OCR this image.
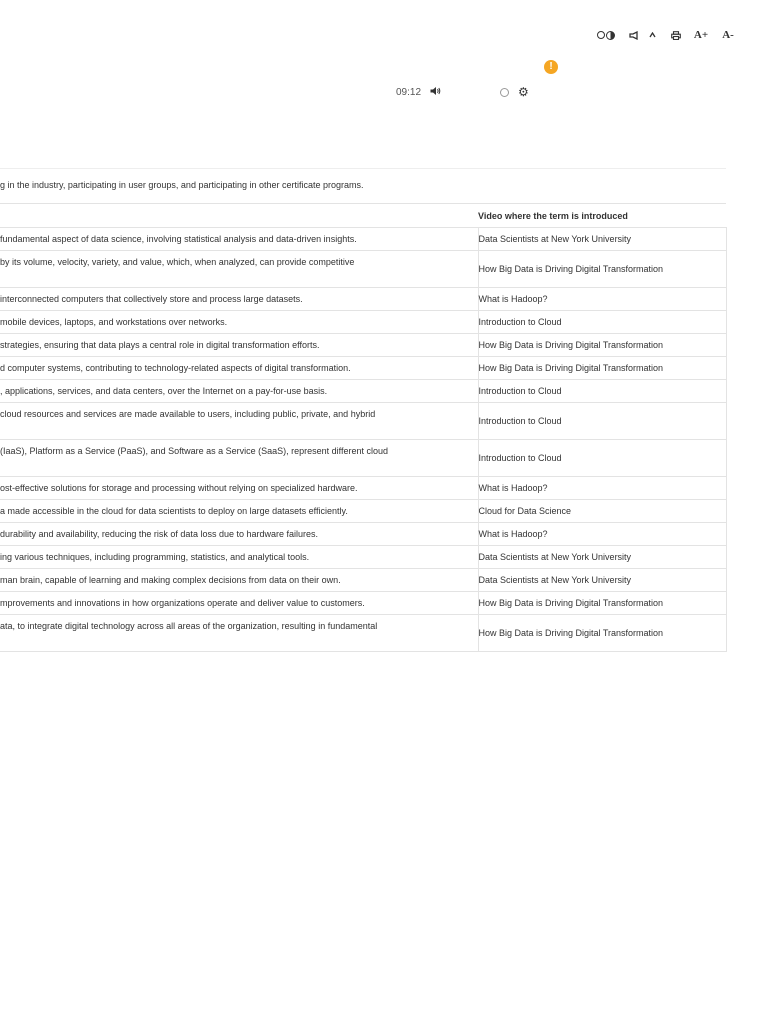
A+	A-
!
09:12	⚙
g in the industry, participating in user groups, and participating in other certificate programs.
	Video where the term is introduced
fundamental aspect of data science, involving statistical analysis and data-driven insights.	Data Scientists at New York University
by its volume, velocity, variety, and value, which, when analyzed, can provide competitive	How Big Data is Driving Digital Transformation
interconnected computers that collectively store and process large datasets.	What is Hadoop?
mobile devices, laptops, and workstations over networks.	Introduction to Cloud
strategies, ensuring that data plays a central role in digital transformation efforts.	How Big Data is Driving Digital Transformation
d computer systems, contributing to technology-related aspects of digital transformation.	How Big Data is Driving Digital Transformation
, applications, services, and data centers, over the Internet on a pay-for-use basis.	Introduction to Cloud
cloud resources and services are made available to users, including public, private, and hybrid	Introduction to Cloud
(IaaS), Platform as a Service (PaaS), and Software as a Service (SaaS), represent different cloud	Introduction to Cloud
ost-effective solutions for storage and processing without relying on specialized hardware.	What is Hadoop?
a made accessible in the cloud for data scientists to deploy on large datasets efficiently.	Cloud for Data Science
durability and availability, reducing the risk of data loss due to hardware failures.	What is Hadoop?
ing various techniques, including programming, statistics, and analytical tools.	Data Scientists at New York University
man brain, capable of learning and making complex decisions from data on their own.	Data Scientists at New York University
mprovements and innovations in how organizations operate and deliver value to customers.	How Big Data is Driving Digital Transformation
ata, to integrate digital technology across all areas of the organization, resulting in fundamental	How Big Data is Driving Digital Transformation
